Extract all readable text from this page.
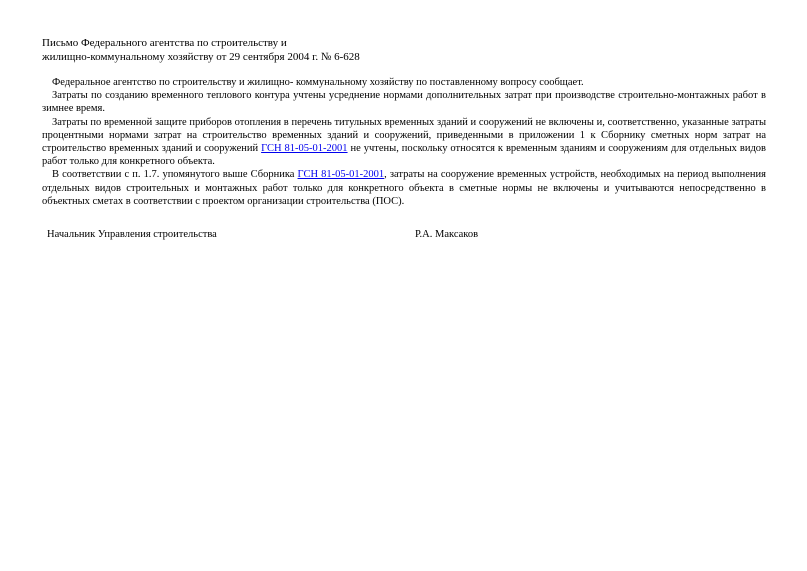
Письмо Федерального агентства по строительству и
жилищно-коммунальному хозяйству от 29 сентября 2004 г. № 6-628

Федеральное агентство по строительству и жилищно- коммунальному хозяйству по поставленному вопросу сообщает.

Затраты по созданию временного теплового контура учтены усреднение нормами дополнительных затрат при производстве строительно-монтажных работ в зимнее время.

Затраты по временной защите приборов отопления в перечень титульных временных зданий и сооружений не включены и, соответственно, указанные затраты процентными нормами затрат на строительство временных зданий и сооружений, приведенными в приложении 1 к Сборнику сметных норм затрат на строительство временных зданий и сооружений ГСН 81-05-01-2001 не учтены, поскольку относятся к временным зданиям и сооружениям для отдельных видов работ только для конкретного объекта.

В соответствии с п. 1.7. упомянутого выше Сборника ГСН 81-05-01-2001, затраты на сооружение временных устройств, необходимых на период выполнения отдельных видов строительных и монтажных работ только для конкретного объекта в сметные нормы не включены и учитываются непосредственно в объектных сметах в соответствии с проектом организации строительства (ПОС).

Начальник Управления строительства	Р.А. Максаков
